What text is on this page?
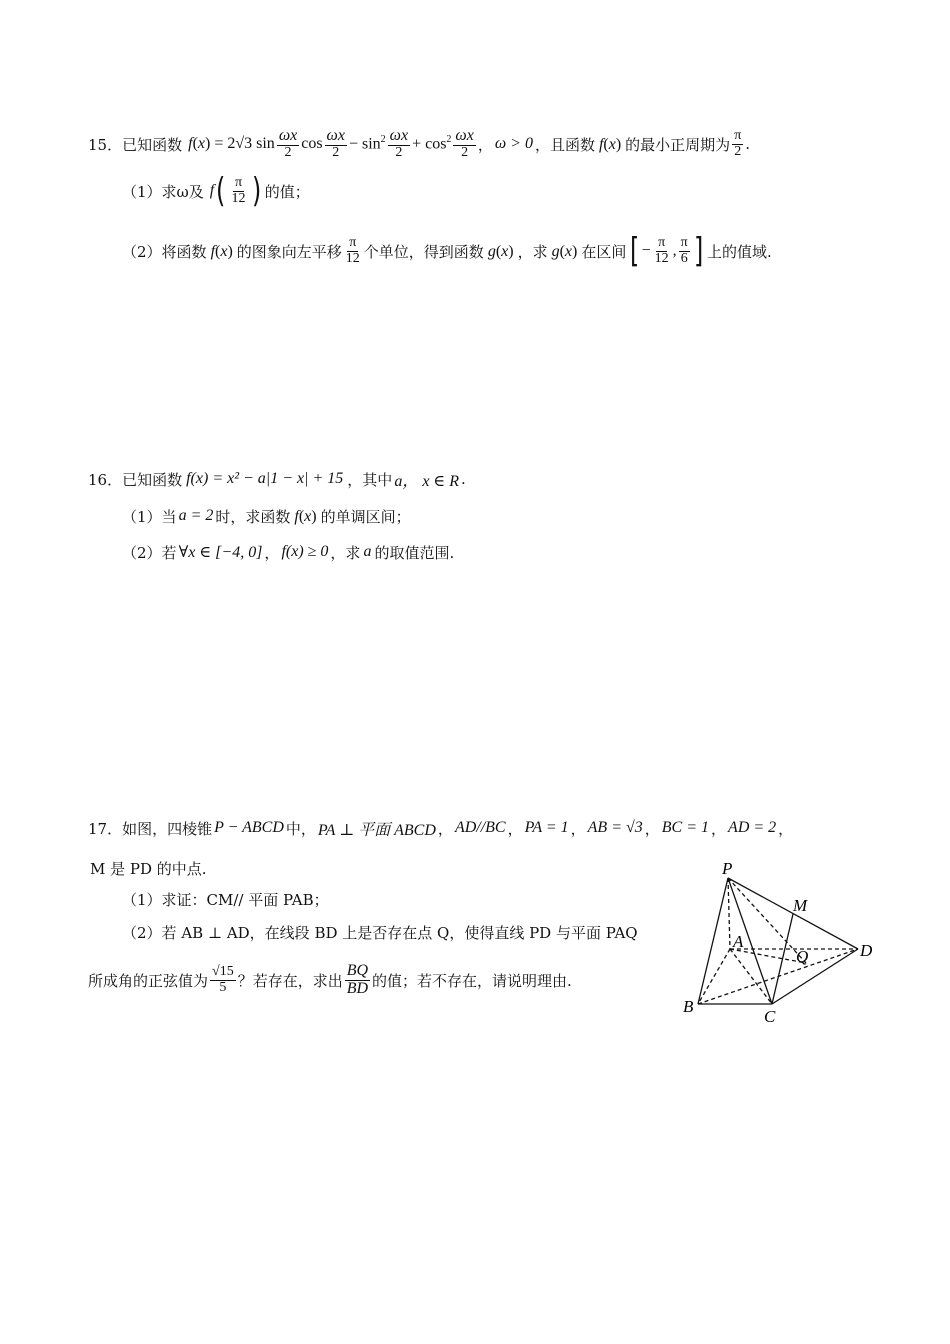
15． 已知函数 f ( x ) = 2√3 $\sin \frac{\omega x}{2}$ $\cos \frac{\omega x}{2} - \sin^2 \frac{\omega x}{2} + \cos^2 \frac{\omega x}{2}$ ， ω > 0 ，且函数 f(x) 的最小正周期为 $\frac{\pi}{2}$ .
（1） 求ω及 f ( $\frac{\pi}{12}$ ) 的值；
（2） 将函数 f(x) 的图象向左平移 $\frac{\pi}{12}$ 个单位，得到函数 g(x) ，求 g(x) 在区间 [ − $\frac{\pi}{12}$ , $\frac{\pi}{6}$ ] 上的值域.
16． 已知函数 f(x) = x² − a|1 − x| + 15 ，其中 a， x ∈ R .
（1） 当 a = 2 时，求函数 f(x) 的单调区间；
（2） 若 ∀x ∈ [−4, 0] ， f(x) ≥ 0 ，求 a 的取值范围.
17． 如图，四棱锥 P − ABCD 中， PA ⊥ 平面 ABCD ， AD//BC ， PA = 1 ， AB = √3 ， BC = 1 ， AD = 2 ，
M 是 PD 的中点.
（1） 求证：CM// 平面 PAB；
（2） 若 AB ⊥ AD，在线段 BD 上是否存在点 Q，使得直线 PD 与平面 PAQ
所成角的正弦值为 $\frac{√15}{5}$ ？若存在，求出 $\frac{BQ}{BD}$ 的值；若不存在，请说明理由.
P
M
A
Q	D
B
C
